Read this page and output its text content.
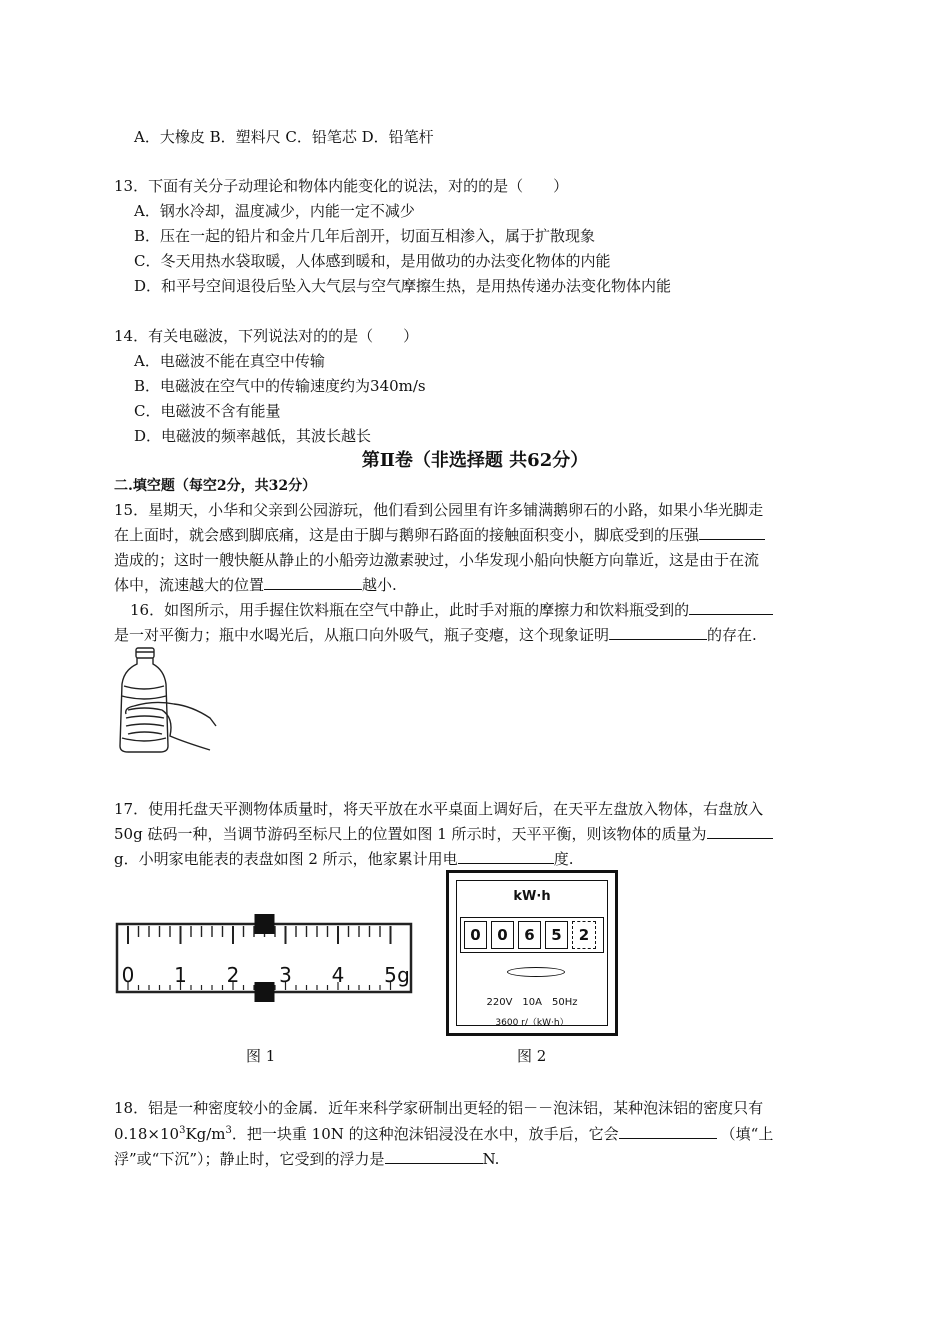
A．大橡皮 B．塑料尺 C．铅笔芯 D．铅笔杆
13．下面有关分子动理论和物体内能变化的说法，对的的是（　　）
A．钢水冷却，温度减少，内能一定不减少
B．压在一起的铅片和金片几年后剖开，切面互相渗入，属于扩散现象
C．冬天用热水袋取暖，人体感到暖和，是用做功的办法变化物体的内能
D．和平号空间退役后坠入大气层与空气摩擦生热，是用热传递办法变化物体内能
14．有关电磁波，下列说法对的的是（　　）
A．电磁波不能在真空中传输
B．电磁波在空气中的传输速度约为340m/s
C．电磁波不含有能量
D．电磁波的频率越低，其波长越长
第Ⅱ卷（非选择题 共62分）
二.填空题（每空2分，共32分）
15．星期天，小华和父亲到公园游玩，他们看到公园里有许多铺满鹅卵石的小路，如果小华光脚走
在上面时，就会感到脚底痛，这是由于脚与鹅卵石路面的接触面积变小，脚底受到的压强
造成的；这时一艘快艇从静止的小船旁边激素驶过，小华发现小船向快艇方向靠近，这是由于在流
体中，流速越大的位置	越小.
16．如图所示，用手握住饮料瓶在空气中静止，此时手对瓶的摩擦力和饮料瓶受到的
是一对平衡力；瓶中水喝光后，从瓶口向外吸气，瓶子变瘪，这个现象证明	的存在.
17．使用托盘天平测物体质量时，将天平放在水平桌面上调好后，在天平左盘放入物体，右盘放入
50g 砝码一种，当调节游码至标尺上的位置如图 1 所示时，天平平衡，则该物体的质量为
g．小明家电能表的表盘如图 2 所示，他家累计用电	度.
0 1 2 3 4 5 g
图 1
kW·h
0	0	6	5	2
220V　10A　50Hz
3600 r/（kW·h）
图 2
18．铝是一种密度较小的金属．近年来科学家研制出更轻的铝－－泡沫铝，某种泡沫铝的密度只有
$0.18\times 10^3Kg/m^3$．把一块重 10N 的这种泡沫铝浸没在水中，放手后，它会	（填“上
浮”或“下沉”）；静止时，它受到的浮力是	N.
